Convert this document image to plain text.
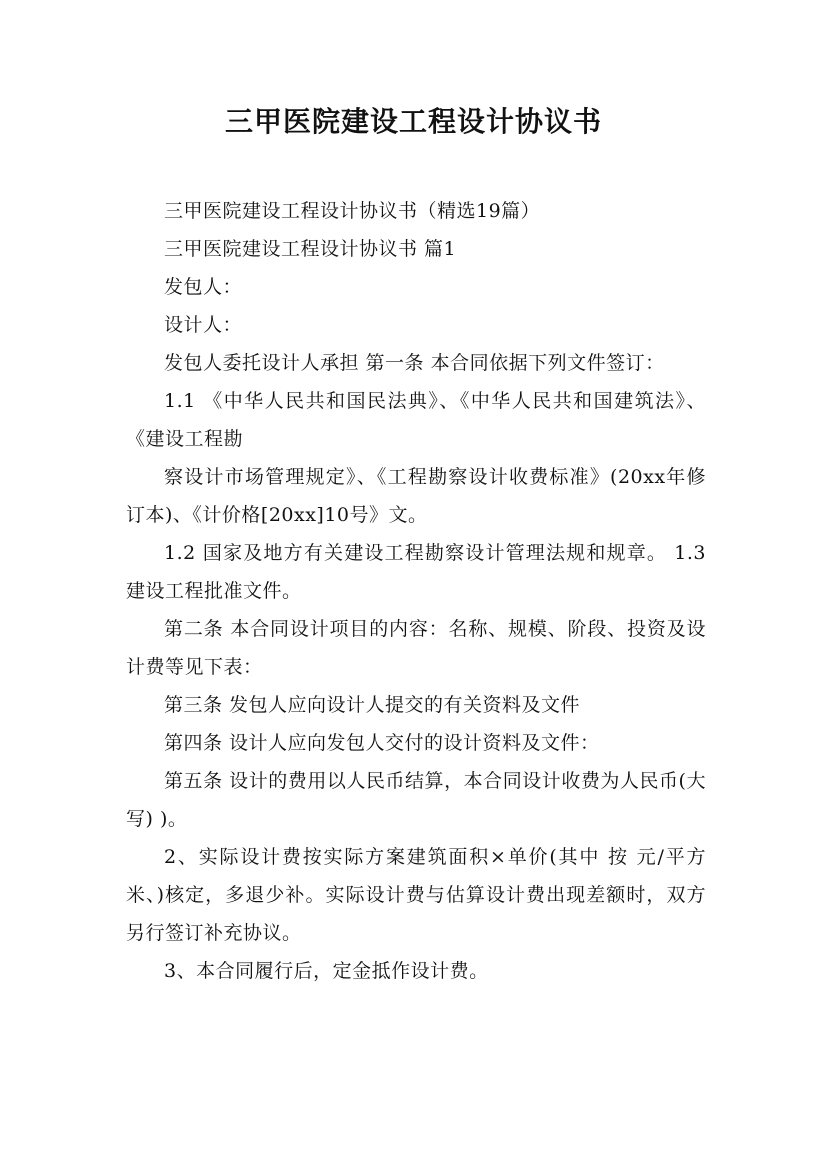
三甲医院建设工程设计协议书

三甲医院建设工程设计协议书（精选19篇）

三甲医院建设工程设计协议书 篇1

发包人：

设计人：

发包人委托设计人承担 第一条 本合同依据下列文件签订：

1.1 《中华人民共和国民法典》、《中华人民共和国建筑法》、《建设工程勘

察设计市场管理规定》、《工程勘察设计收费标准》(20xx年修订本)、《计价格[20xx]10号》文。

1.2 国家及地方有关建设工程勘察设计管理法规和规章。 1.3 建设工程批准文件。

第二条 本合同设计项目的内容：名称、规模、阶段、投资及设计费等见下表：

第三条 发包人应向设计人提交的有关资料及文件

第四条 设计人应向发包人交付的设计资料及文件：

第五条 设计的费用以人民币结算，本合同设计收费为人民币(大写) )。

2、实际设计费按实际方案建筑面积×单价(其中 按 元/平方米、)核定，多退少补。实际设计费与估算设计费出现差额时，双方另行签订补充协议。

3、本合同履行后，定金抵作设计费。
